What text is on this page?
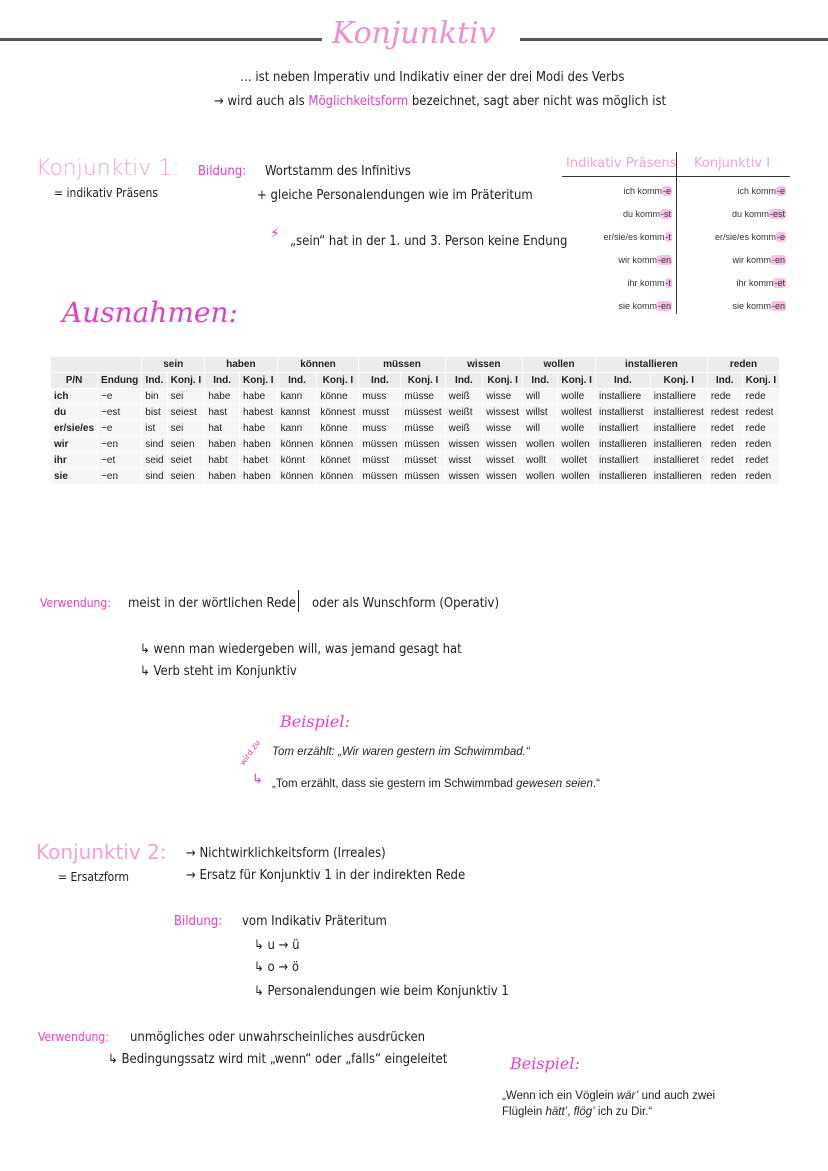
Konjunktiv
… ist neben Imperativ und Indikativ einer der drei Modi des Verbs
→ wird auch als Möglichkeitsform bezeichnet, sagt aber nicht was möglich ist
Konjunktiv 1:
= indikativ Präsens
Bildung: Wortstamm des Infinitivs
+ gleiche Personalendungen wie im Präteritum
⚡ „sein“ hat in der 1. und 3. Person keine Endung
Indikativ Präsens Konjunktiv I
ich komm-e	ich komm-e
du komm-st	du komm-est
er/sie/es komm-t	er/sie/es komm-e
wir komm-en	wir komm-en
ihr komm-t	ihr komm-et
sie komm-en	sie komm-en
Ausnahmen:
		sein		haben		können		müssen		wissen		wollen		installieren		reden	
P/N	Endung	Ind.	Konj. I	Ind.	Konj. I	Ind.	Konj. I	Ind.	Konj. I	Ind.	Konj. I	Ind.	Konj. I	Ind.	Konj. I	Ind.	Konj. I
ich	~e	bin	sei	habe	habe	kann	könne	muss	müsse	weiß	wisse	will	wolle	installiere	installiere	rede	rede
du	~est	bist	seiest	hast	habest	kannst	könnest	musst	müssest	weißt	wissest	willst	wollest	installierst	installierest	redest	redest
er/sie/es	~e	ist	sei	hat	habe	kann	könne	muss	müsse	weiß	wisse	will	wolle	installiert	installiere	redet	rede
wir	~en	sind	seien	haben	haben	können	können	müssen	müssen	wissen	wissen	wollen	wollen	installieren	installieren	reden	reden
ihr	~et	seid	seiet	habt	habet	könnt	könnet	müsst	müsset	wisst	wisset	wollt	wollet	installiert	installieret	redet	redet
sie	~en	sind	seien	haben	haben	können	können	müssen	müssen	wissen	wissen	wollen	wollen	installieren	installieren	reden	reden
Verwendung: meist in der wörtlichen Rede oder als Wunschform (Operativ)
↳ wenn man wiedergeben will, was jemand gesagt hat
↳ Verb steht im Konjunktiv
Beispiel:
Tom erzählt: „Wir waren gestern im Schwimmbad.“
wird zu
↳ „Tom erzählt, dass sie gestern im Schwimmbad gewesen seien.“
Konjunktiv 2:
= Ersatzform
→ Nichtwirklichkeitsform (Irreales)
→ Ersatz für Konjunktiv 1 in der indirekten Rede
Bildung: vom Indikativ Präteritum
↳ u → ü
↳ o → ö
↳ Personalendungen wie beim Konjunktiv 1
Verwendung: unmögliches oder unwahrscheinliches ausdrücken
↳ Bedingungssatz wird mit „wenn“ oder „falls“ eingeleitet	Beispiel:
„Wenn ich ein Vöglein wär’ und auch zwei
Flüglein hätt’, flög’ ich zu Dir.“
